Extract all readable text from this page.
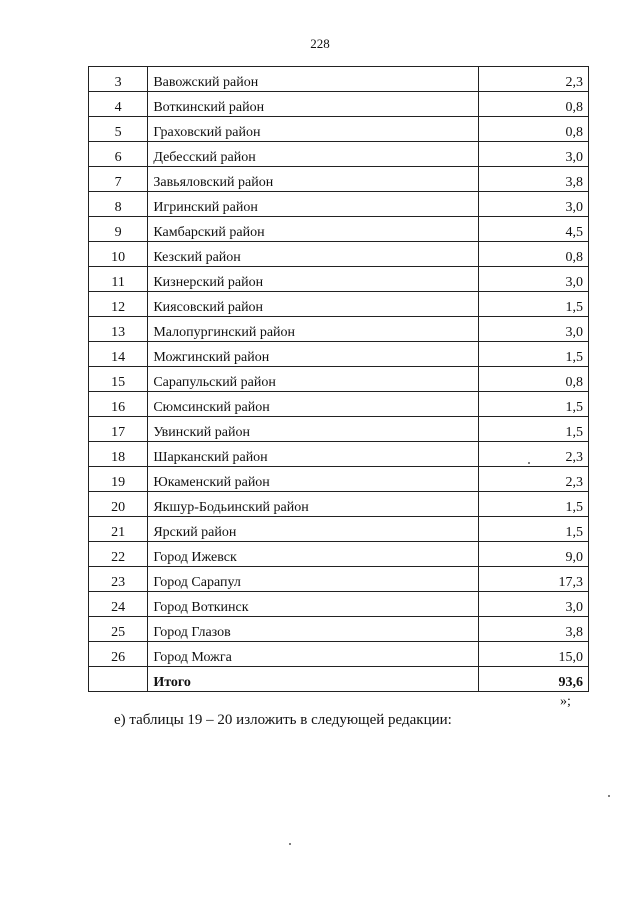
228
3	Вавожский район	2,3
4	Воткинский район	0,8
5	Граховский район	0,8
6	Дебесский район	3,0
7	Завьяловский район	3,8
8	Игринский район	3,0
9	Камбарский район	4,5
10	Кезский район	0,8
11	Кизнерский район	3,0
12	Киясовский район	1,5
13	Малопургинский район	3,0
14	Можгинский район	1,5
15	Сарапульский район	0,8
16	Сюмсинский район	1,5
17	Увинский район	1,5
18	Шарканский район	2,3
19	Юкаменский район	2,3
20	Якшур-Бодьинский район	1,5
21	Ярский район	1,5
22	Город Ижевск	9,0
23	Город Сарапул	17,3
24	Город Воткинск	3,0
25	Город Глазов	3,8
26	Город Можга	15,0
	Итого	93,6
»;
е) таблицы 19 – 20 изложить в следующей редакции:
